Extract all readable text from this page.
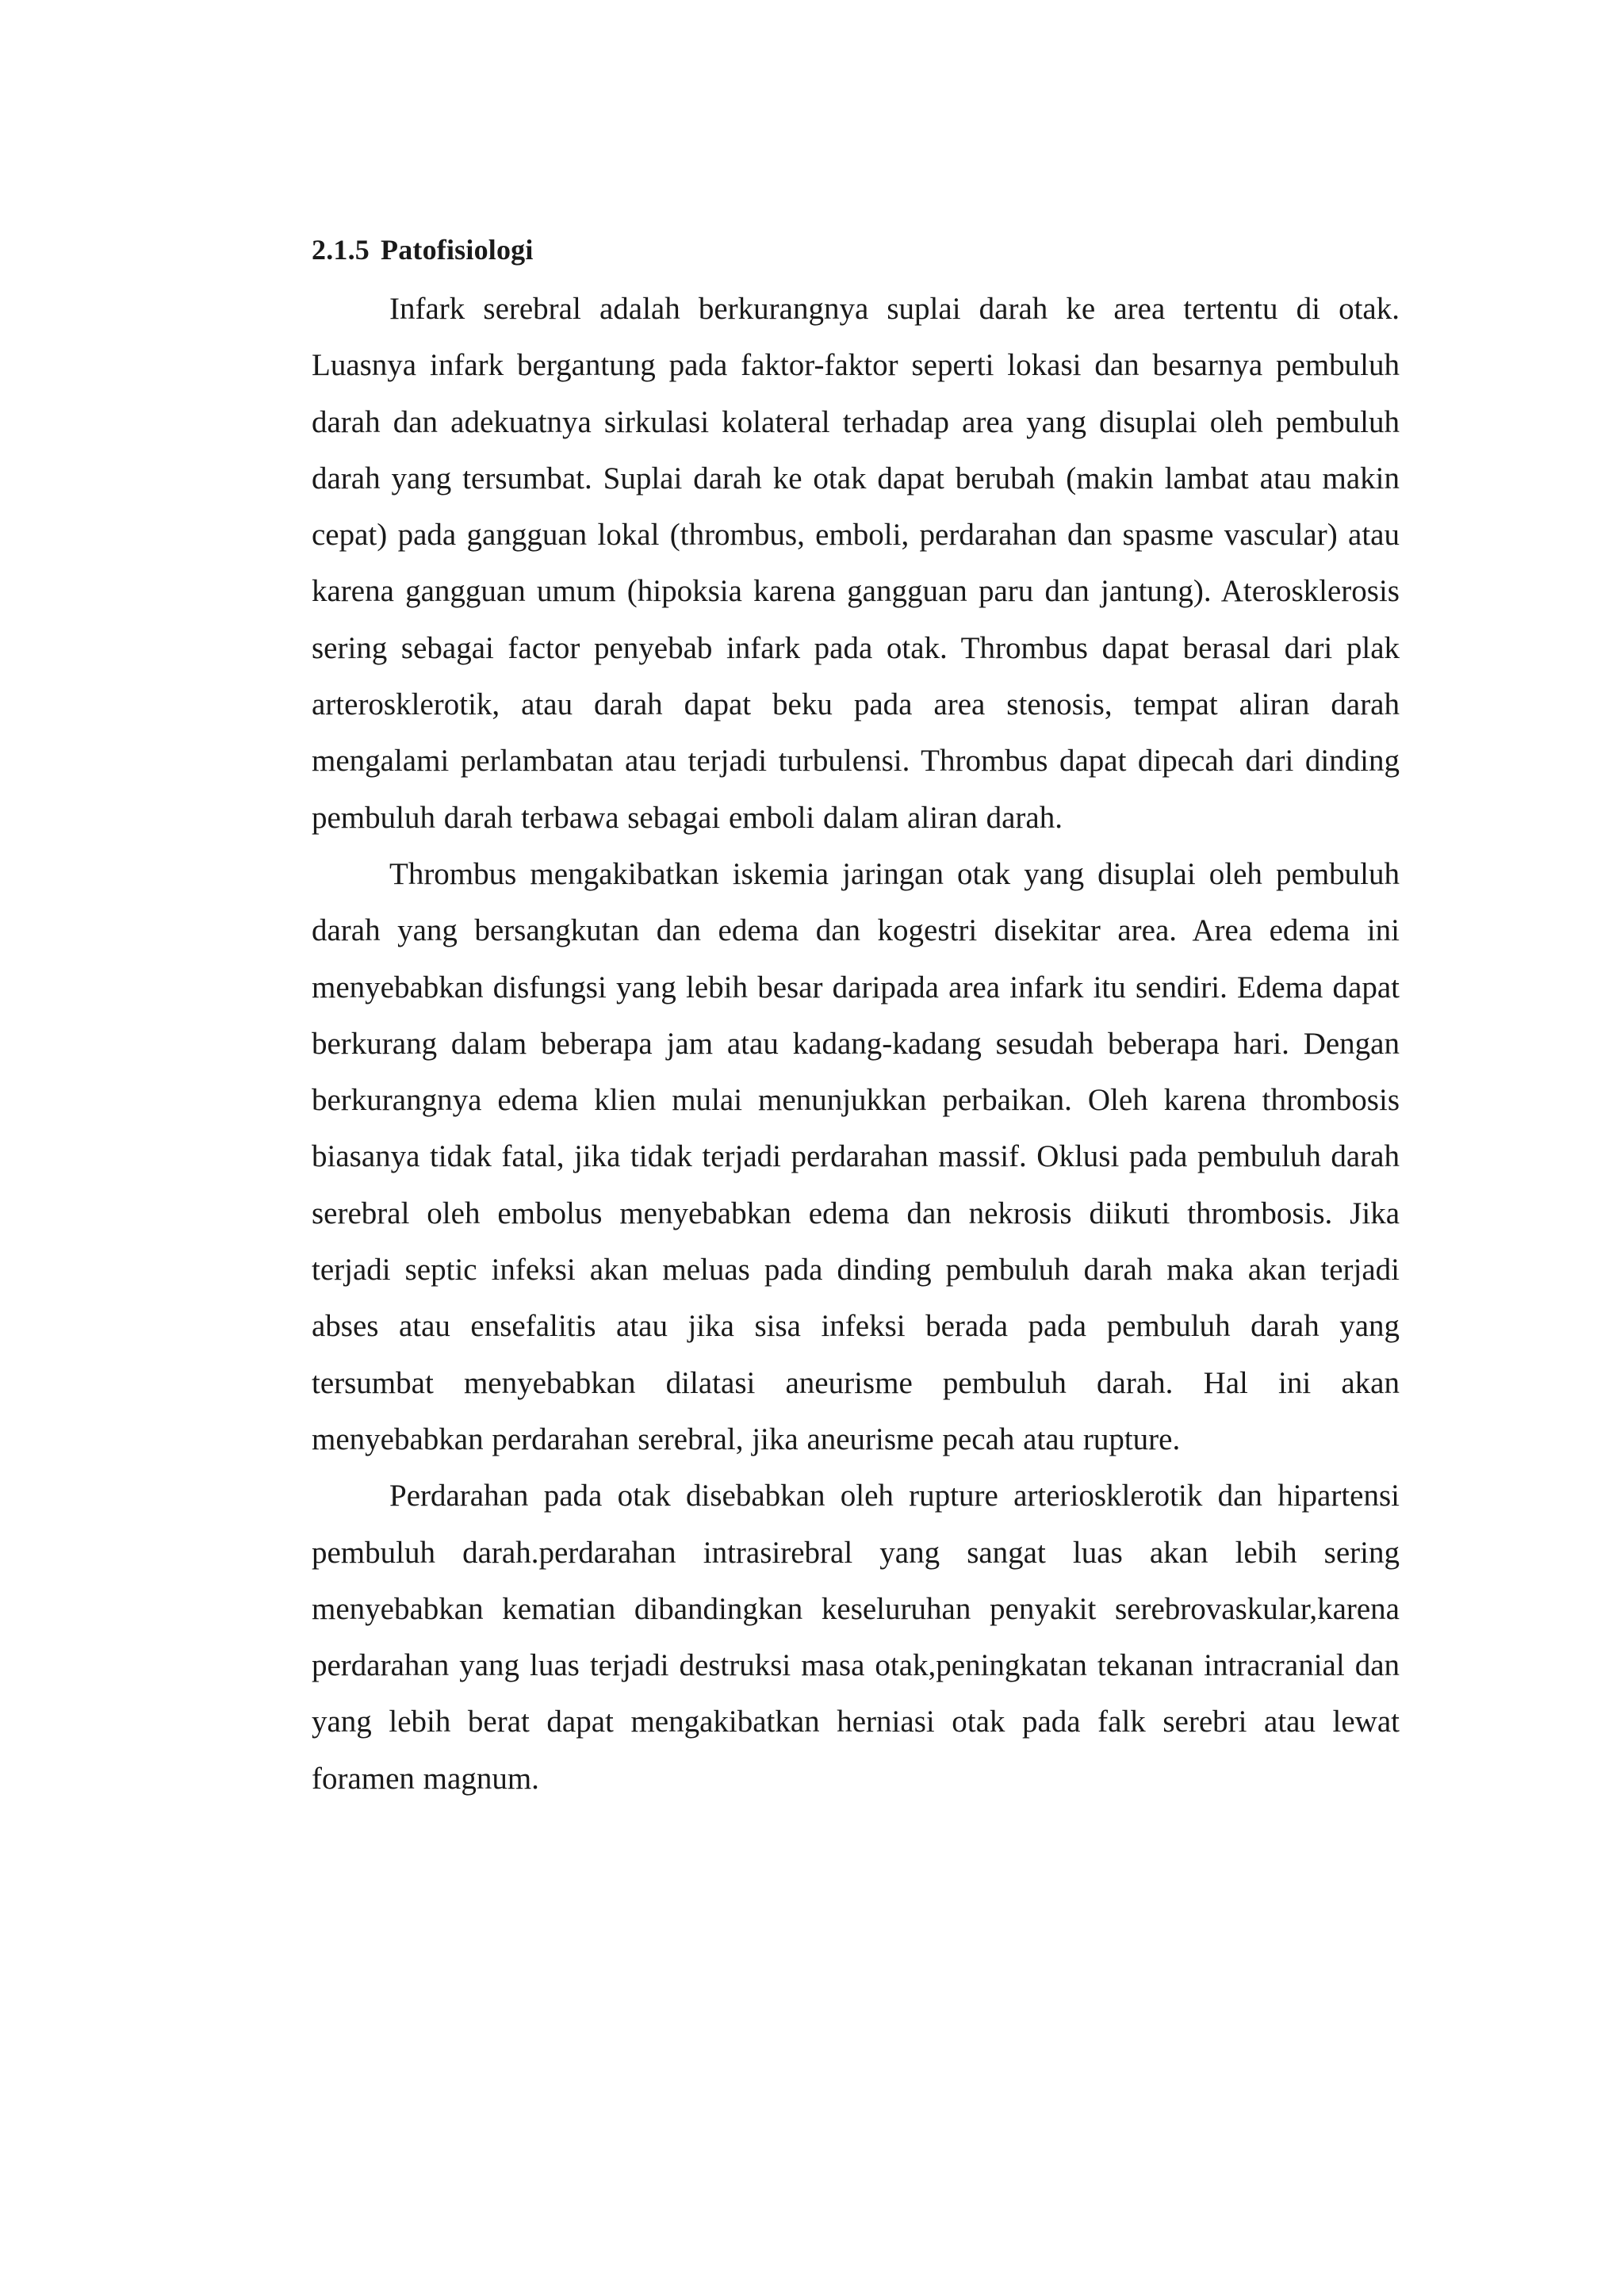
2.1.5 Patofisiologi

Infark serebral adalah berkurangnya suplai darah ke area tertentu di otak. Luasnya infark bergantung pada faktor-faktor seperti lokasi dan besarnya pembuluh darah dan adekuatnya sirkulasi kolateral terhadap area yang disuplai oleh pembuluh darah yang tersumbat. Suplai darah ke otak dapat berubah (makin lambat atau makin cepat) pada gangguan lokal (thrombus, emboli, perdarahan dan spasme vascular) atau karena gangguan umum (hipoksia karena gangguan paru dan jantung). Aterosklerosis sering sebagai factor penyebab infark pada otak. Thrombus dapat berasal dari plak arterosklerotik, atau darah dapat beku pada area stenosis, tempat aliran darah mengalami perlambatan atau terjadi turbulensi. Thrombus dapat dipecah dari dinding pembuluh darah terbawa sebagai emboli dalam aliran darah.

Thrombus mengakibatkan iskemia jaringan otak yang disuplai oleh pembuluh darah yang bersangkutan dan edema dan kogestri disekitar area. Area edema ini menyebabkan disfungsi yang lebih besar daripada area infark itu sendiri. Edema dapat berkurang dalam beberapa jam atau kadang-kadang sesudah beberapa hari. Dengan berkurangnya edema klien mulai menunjukkan perbaikan. Oleh karena thrombosis biasanya tidak fatal, jika tidak terjadi perdarahan massif. Oklusi pada pembuluh darah serebral oleh embolus menyebabkan edema dan nekrosis diikuti thrombosis. Jika terjadi septic infeksi akan meluas pada dinding pembuluh darah maka akan terjadi abses atau ensefalitis atau jika sisa infeksi berada pada pembuluh darah yang tersumbat menyebabkan dilatasi aneurisme pembuluh darah. Hal ini akan menyebabkan perdarahan serebral, jika aneurisme pecah atau rupture.

Perdarahan pada otak disebabkan oleh rupture arteriosklerotik dan hipartensi pembuluh darah.perdarahan intrasirebral yang sangat luas akan lebih sering menyebabkan kematian dibandingkan keseluruhan penyakit serebrovaskular,karena perdarahan yang luas terjadi destruksi masa otak,peningkatan tekanan intracranial dan yang lebih berat dapat mengakibatkan herniasi otak pada falk serebri atau lewat foramen magnum.
